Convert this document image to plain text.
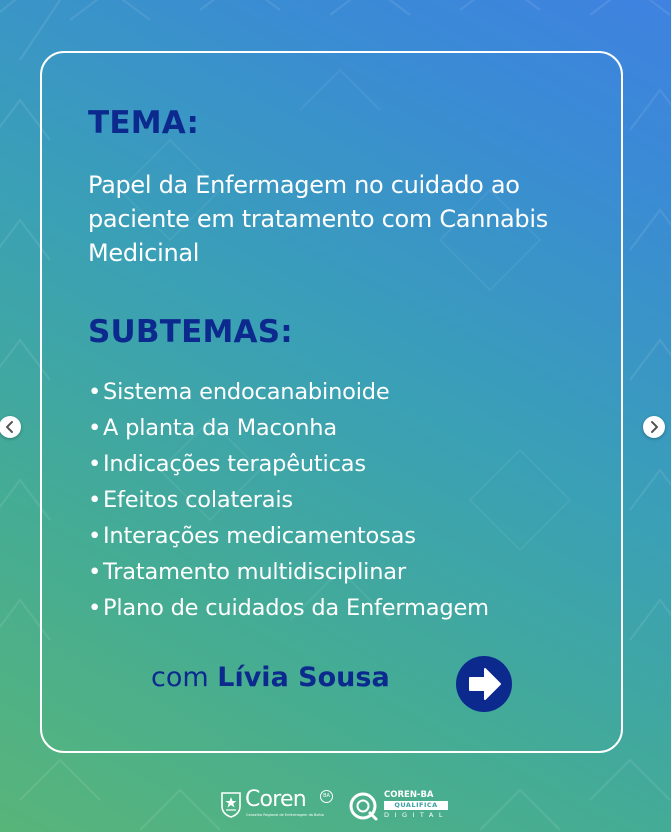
TEMA:

Papel da Enfermagem no cuidado ao paciente em tratamento com Cannabis Medicinal

SUBTEMAS:
•Sistema endocanabinoide
•A planta da Maconha
•Indicações terapêuticas
•Efeitos colaterais
•Interações medicamentosas
•Tratamento multidisciplinar
•Plano de cuidados da Enfermagem
com Lívia Sousa
Coren
Conselho Regional de Enfermagem da Bahia
BA	COREN-BA
QUALIFICA
DIGITAL
